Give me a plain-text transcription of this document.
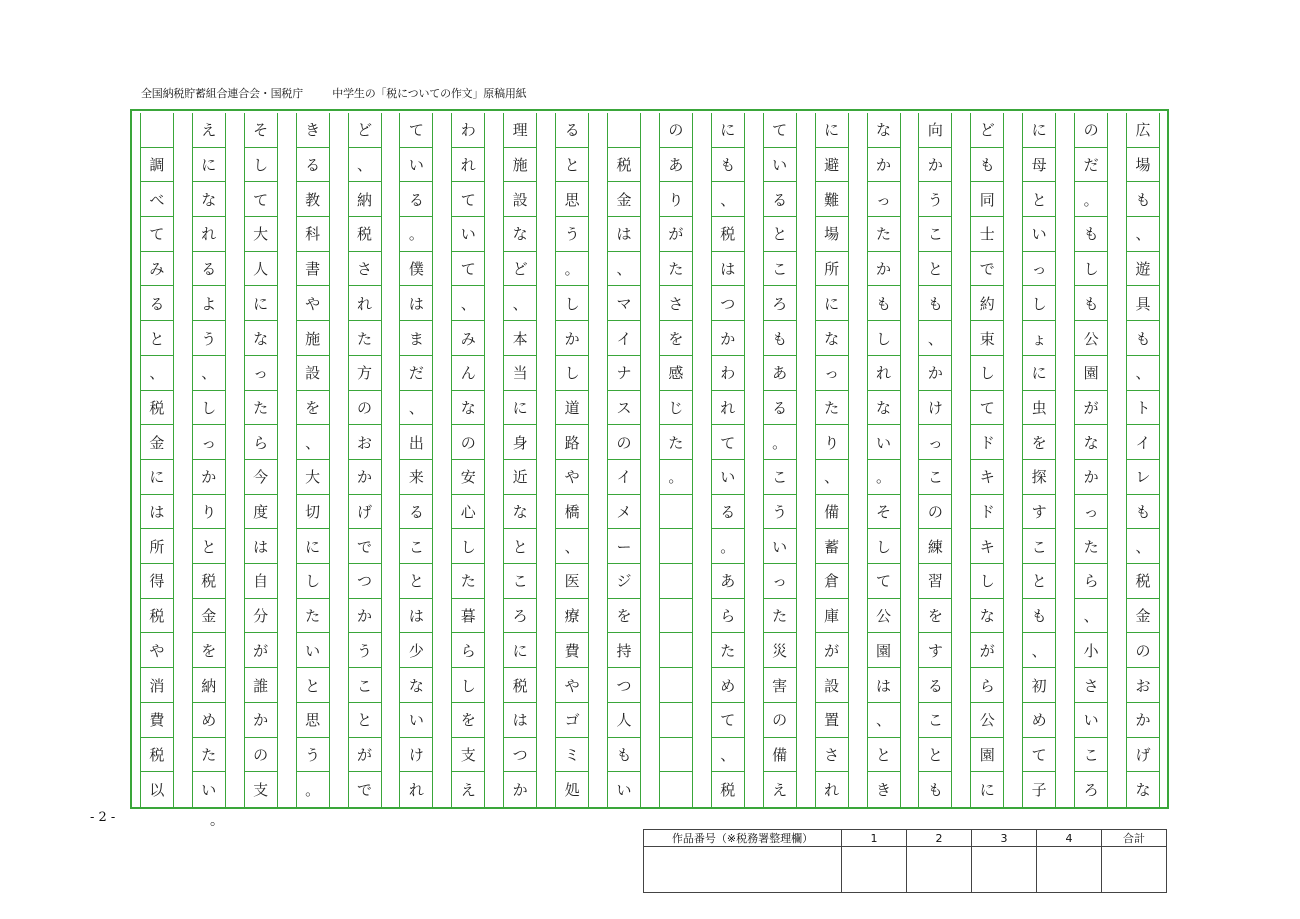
全国納税貯蓄組合連合会・国税庁	中学生の「税についての作文」原稿用紙
広
場
も
、
遊
具
も
、
ト
イ
レ
も
、
税
金
の
お
か
げ
な
の
だ
。
も
し
も
公
園
が
な
か
っ
た
ら
、
小
さ
い
こ
ろ
に
母
と
い
っ
し
ょ
に
虫
を
探
す
こ
と
も
、
初
め
て
子
ど
も
同
士
で
約
束
し
て
ド
キ
ド
キ
し
な
が
ら
公
園
に
向
か
う
こ
と
も
、
か
け
っ
こ
の
練
習
を
す
る
こ
と
も
な
か
っ
た
か
も
し
れ
な
い
。
そ
し
て
公
園
は
、
と
き
に
避
難
場
所
に
な
っ
た
り
、
備
蓄
倉
庫
が
設
置
さ
れ
て
い
る
と
こ
ろ
も
あ
る
。
こ
う
い
っ
た
災
害
の
備
え
に
も
、
税
は
つ
か
わ
れ
て
い
る
。
あ
ら
た
め
て
、
税
の
あ
り
が
た
さ
を
感
じ
た
。
税
金
は
、
マ
イ
ナ
ス
の
イ
メ
ー
ジ
を
持
つ
人
も
い
る
と
思
う
。
し
か
し
道
路
や
橋
、
医
療
費
や
ゴ
ミ
処
理
施
設
な
ど
、
本
当
に
身
近
な
と
こ
ろ
に
税
は
つ
か
わ
れ
て
い
て
、
み
ん
な
の
安
心
し
た
暮
ら
し
を
支
え
て
い
る
。
僕
は
ま
だ
、
出
来
る
こ
と
は
少
な
い
け
れ
ど
、
納
税
さ
れ
た
方
の
お
か
げ
で
つ
か
う
こ
と
が
で
き
る
教
科
書
や
施
設
を
、
大
切
に
し
た
い
と
思
う
。
そ
し
て
大
人
に
な
っ
た
ら
今
度
は
自
分
が
誰
か
の
支
え
に
な
れ
る
よ
う
、
し
っ
か
り
と
税
金
を
納
め
た
い
調
べ
て
み
る
と
、
税
金
に
は
所
得
税
や
消
費
税
以
- 2 -	。
作品番号（※税務署整理欄）	1	2	3	4	合計
